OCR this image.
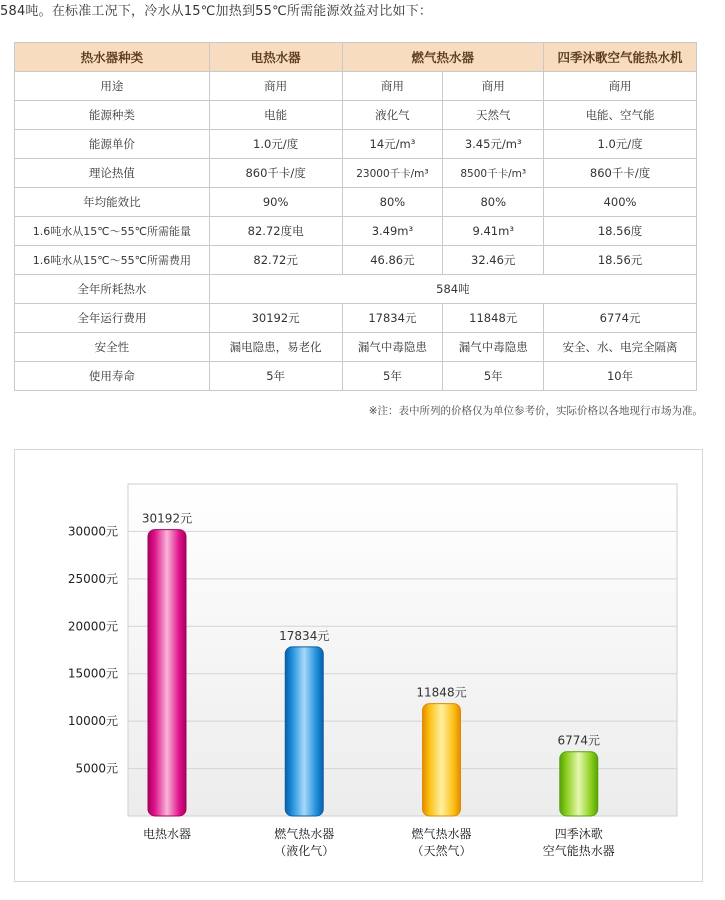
584吨。在标准工况下，冷水从15℃加热到55℃所需能源效益对比如下：
热水器种类	电热水器	燃气热水器		四季沐歌空气能热水机
用途	商用	商用	商用	商用
能源种类	电能	液化气	天然气	电能、空气能
能源单价	1.0元/度	14元/m³	3.45元/m³	1.0元/度
理论热值	860千卡/度	23000千卡/m³	8500千卡/m³	860千卡/度
年均能效比	90%	80%	80%	400%
1.6吨水从15℃～55℃所需能量	82.72度电	3.49m³	9.41m³	18.56度
1.6吨水从15℃～55℃所需费用	82.72元	46.86元	32.46元	18.56元
全年所耗热水	584吨			
全年运行费用	30192元	17834元	11848元	6774元
安全性	漏电隐患，易老化	漏气中毒隐患	漏气中毒隐患	安全、水、电完全隔离
使用寿命	5年	5年	5年	10年
※注：表中所列的价格仅为单位参考价，实际价格以各地现行市场为准。
5000元
10000元
15000元
20000元
25000元
30000元
30192元
17834元
11848元
6774元
电热水器	燃气热水器
（液化气）
燃气热水器
（天然气）
四季沐歌
空气能热水器
